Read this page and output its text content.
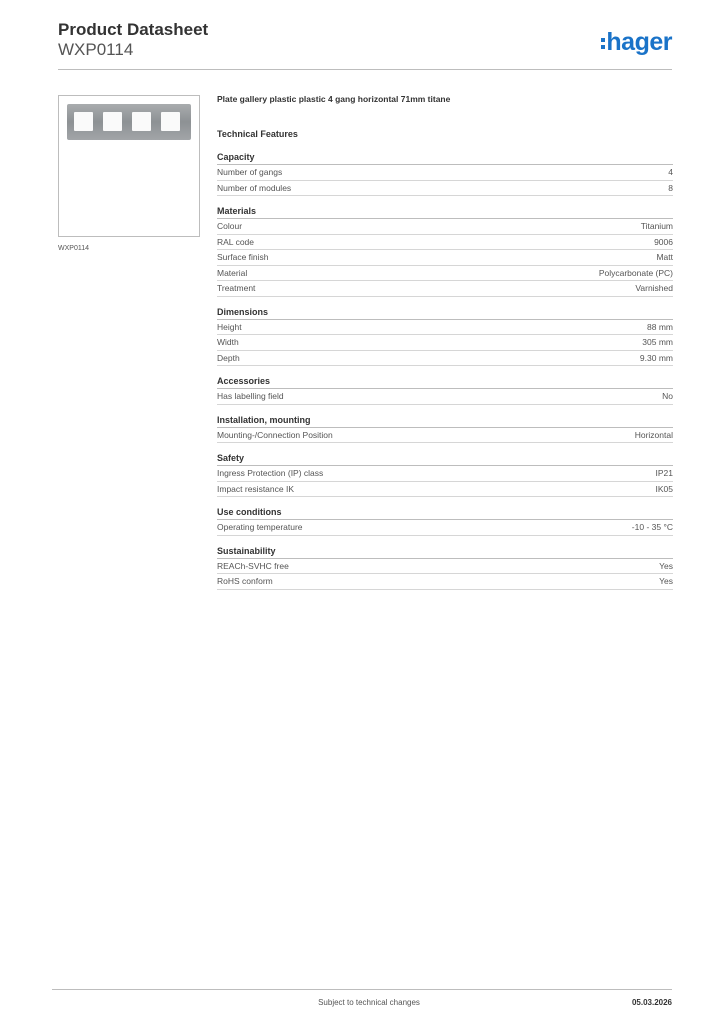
Product Datasheet
WXP0114	hager
WXP0114
Plate gallery plastic plastic 4 gang horizontal 71mm titane
Technical Features
Capacity
Number of gangs	4
Number of modules	8
Materials
Colour	Titanium
RAL code	9006
Surface finish	Matt
Material	Polycarbonate (PC)
Treatment	Varnished
Dimensions
Height	88 mm
Width	305 mm
Depth	9.30 mm
Accessories
Has labelling field	No
Installation, mounting
Mounting-/Connection Position	Horizontal
Safety
Ingress Protection (IP) class	IP21
Impact resistance IK	IK05
Use conditions
Operating temperature	-10 - 35 °C
Sustainability
REACh-SVHC free	Yes
RoHS conform	Yes
Subject to technical changes	05.03.2026
